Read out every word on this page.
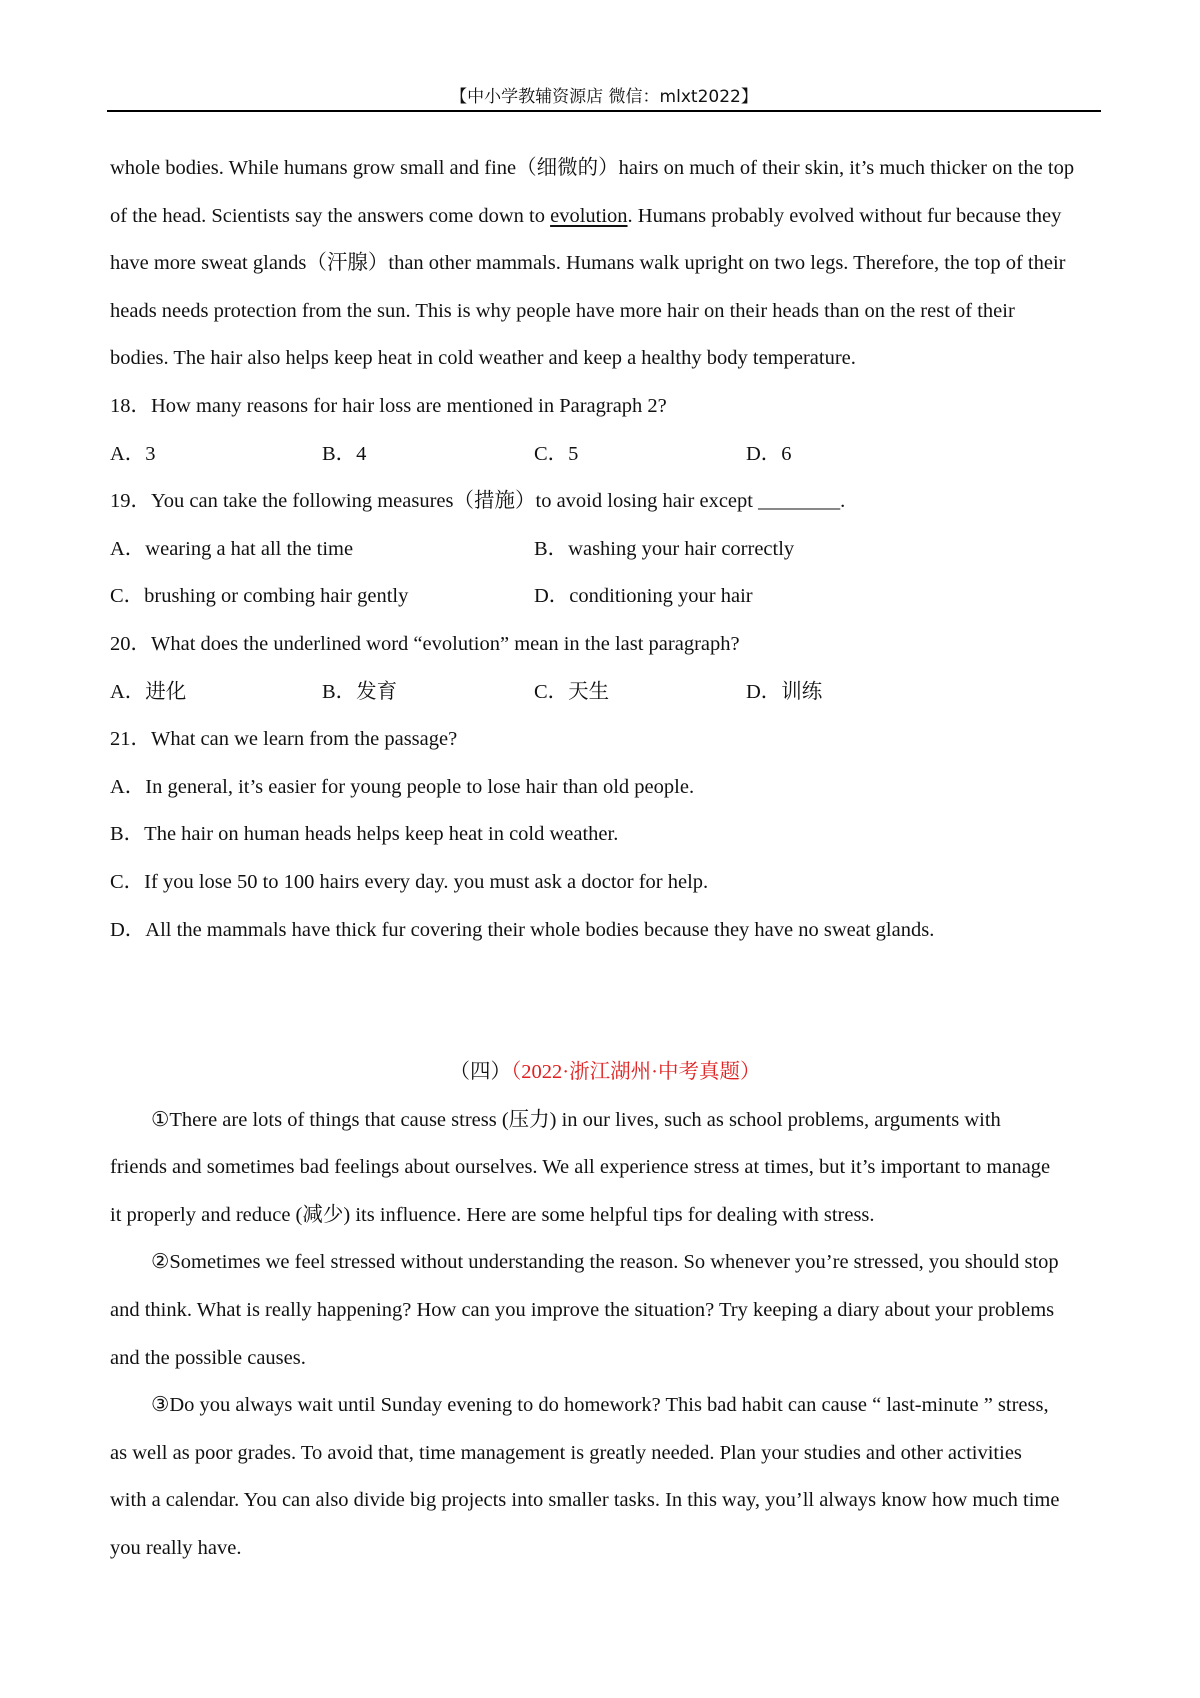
【中小学教辅资源店 微信：mlxt2022】
whole bodies. While humans grow small and fine（细微的）hairs on much of their skin, it’s much thicker on the top
of the head. Scientists say the answers come down to evolution. Humans probably evolved without fur because they
have more sweat glands（汗腺）than other mammals. Humans walk upright on two legs. Therefore, the top of their
heads needs protection from the sun. This is why people have more hair on their heads than on the rest of their
bodies. The hair also helps keep heat in cold weather and keep a healthy body temperature.
18．How many reasons for hair loss are mentioned in Paragraph 2?
A．3	B．4	C．5	D．6
19．You can take the following measures（措施）to avoid losing hair except ________.
A．wearing a hat all the time	B．washing your hair correctly
C．brushing or combing hair gently	D．conditioning your hair
20．What does the underlined word “evolution” mean in the last paragraph?
A．进化	B．发育	C．天生	D．训练
21．What can we learn from the passage?
A．In general, it’s easier for young people to lose hair than old people.
B．The hair on human heads helps keep heat in cold weather.
C．If you lose 50 to 100 hairs every day. you must ask a doctor for help.
D．All the mammals have thick fur covering their whole bodies because they have no sweat glands.
（四）（2022·浙江湖州·中考真题）
①There are lots of things that cause stress (压力) in our lives, such as school problems, arguments with
friends and sometimes bad feelings about ourselves. We all experience stress at times, but it’s important to manage
it properly and reduce (减少) its influence. Here are some helpful tips for dealing with stress.
②Sometimes we feel stressed without understanding the reason. So whenever you’re stressed, you should stop
and think. What is really happening? How can you improve the situation? Try keeping a diary about your problems
and the possible causes.
③Do you always wait until Sunday evening to do homework? This bad habit can cause “ last-minute ” stress,
as well as poor grades. To avoid that, time management is greatly needed. Plan your studies and other activities
with a calendar. You can also divide big projects into smaller tasks. In this way, you’ll always know how much time
you really have.
